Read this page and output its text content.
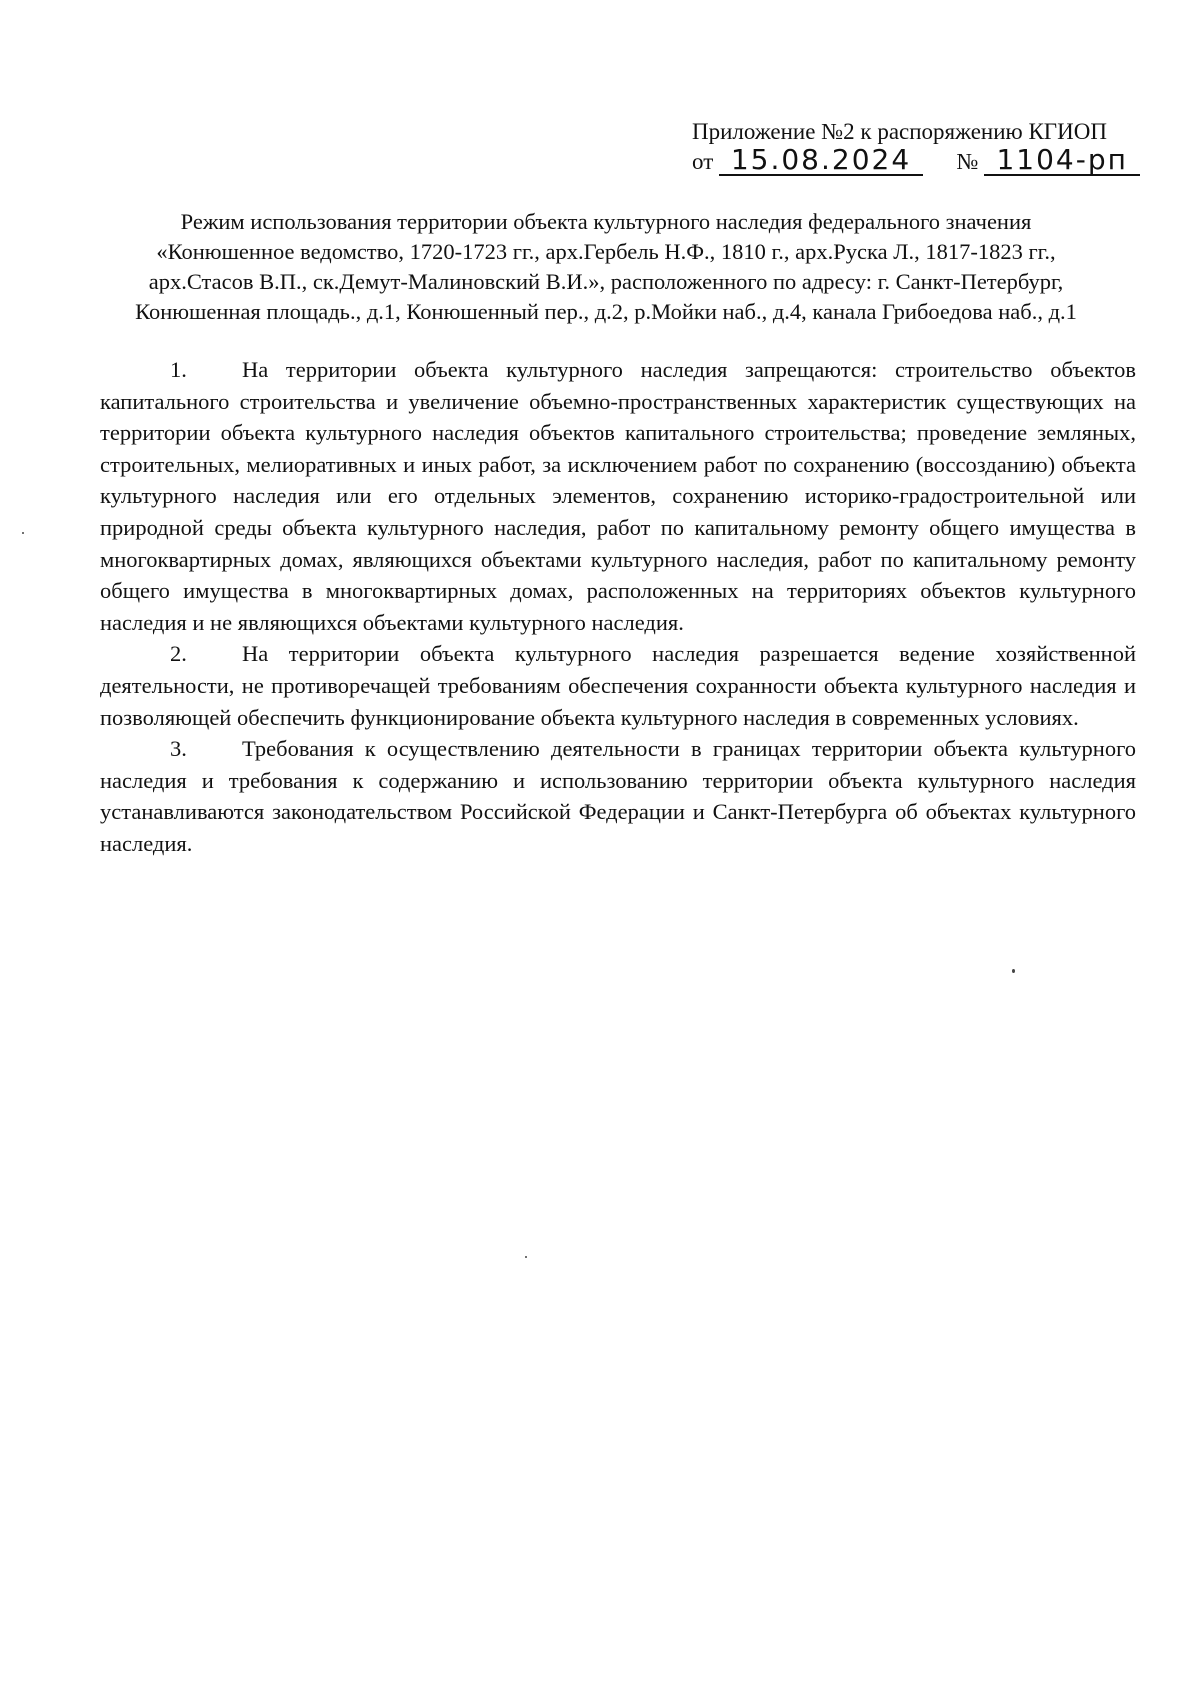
Приложение №2 к распоряжению КГИОП
от 15.08.2024 № 1104-рп
Режим использования территории объекта культурного наследия федерального значения
«Конюшенное ведомство, 1720-1723 гг., арх.Гербель Н.Ф., 1810 г., арх.Руска Л., 1817-1823 гг.,
арх.Стасов В.П., ск.Демут-Малиновский В.И.», расположенного по адресу: г. Санкт-Петербург,
Конюшенная площадь., д.1, Конюшенный пер., д.2, р.Мойки наб., д.4, канала Грибоедова наб., д.1

1. На территории объекта культурного наследия запрещаются: строительство объектов капитального строительства и увеличение объемно-пространственных характеристик существующих на территории объекта культурного наследия объектов капитального строительства; проведение земляных, строительных, мелиоративных и иных работ, за исключением работ по сохранению (воссозданию) объекта культурного наследия или его отдельных элементов, сохранению историко-градостроительной или природной среды объекта культурного наследия, работ по капитальному ремонту общего имущества в многоквартирных домах, являющихся объектами культурного наследия, работ по капитальному ремонту общего имущества в многоквартирных домах, расположенных на территориях объектов культурного наследия и не являющихся объектами культурного наследия.

2. На территории объекта культурного наследия разрешается ведение хозяйственной деятельности, не противоречащей требованиям обеспечения сохранности объекта культурного наследия и позволяющей обеспечить функционирование объекта культурного наследия в современных условиях.

3. Требования к осуществлению деятельности в границах территории объекта культурного наследия и требования к содержанию и использованию территории объекта культурного наследия устанавливаются законодательством Российской Федерации и Санкт-Петербурга об объектах культурного наследия.
